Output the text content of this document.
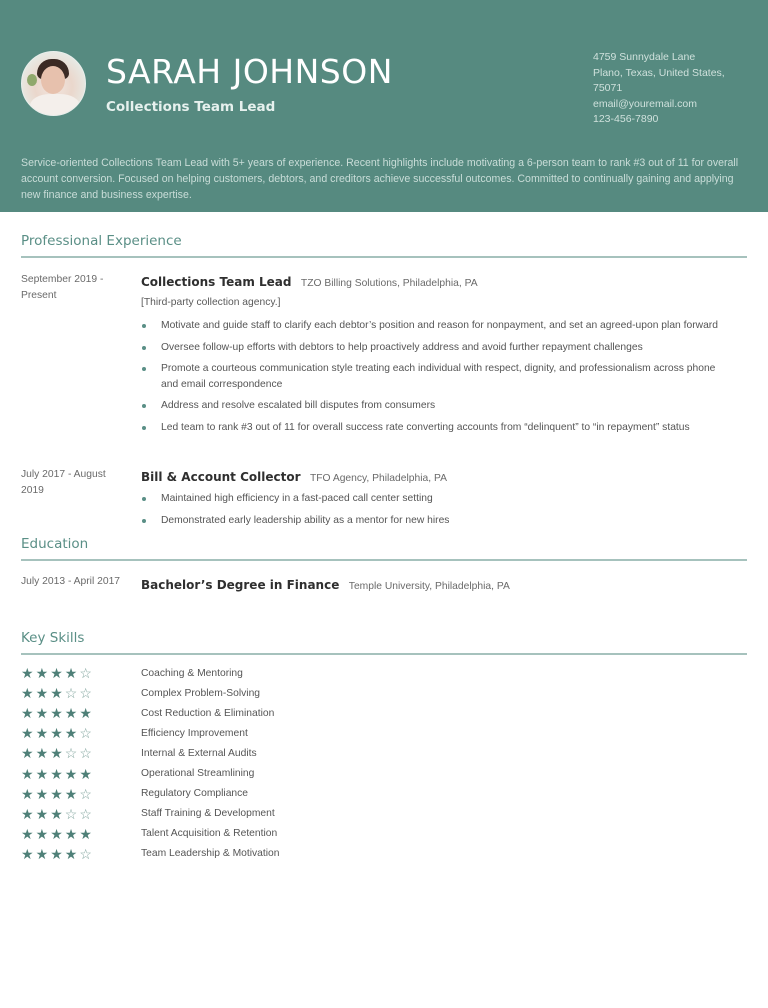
SARAH JOHNSON
Collections Team Lead
4759 Sunnydale Lane
Plano, Texas, United States,
75071
email@youremail.com
123-456-7890
Service-oriented Collections Team Lead with 5+ years of experience. Recent highlights include motivating a 6-person team to rank #3 out of 11 for overall account conversion. Focused on helping customers, debtors, and creditors achieve successful outcomes. Committed to continually gaining and applying new finance and business expertise.
Professional Experience
September 2019 - Present
Collections Team Lead TZO Billing Solutions, Philadelphia, PA
[Third-party collection agency.]
Motivate and guide staff to clarify each debtor’s position and reason for nonpayment, and set an agreed-upon plan forward
Oversee follow-up efforts with debtors to help proactively address and avoid further repayment challenges
Promote a courteous communication style treating each individual with respect, dignity, and professionalism across phone and email correspondence
Address and resolve escalated bill disputes from consumers
Led team to rank #3 out of 11 for overall success rate converting accounts from “delinquent” to “in repayment” status
July 2017 - August 2019
Bill & Account Collector TFO Agency, Philadelphia, PA
Maintained high efficiency in a fast-paced call center setting
Demonstrated early leadership ability as a mentor for new hires
Education
July 2013 - April 2017	Bachelor’s Degree in Finance Temple University, Philadelphia, PA
Key Skills
★ ★ ★ ★ ☆	Coaching & Mentoring
★ ★ ★ ☆ ☆	Complex Problem-Solving
★ ★ ★ ★ ★	Cost Reduction & Elimination
★ ★ ★ ★ ☆	Efficiency Improvement
★ ★ ★ ☆ ☆	Internal & External Audits
★ ★ ★ ★ ★	Operational Streamlining
★ ★ ★ ★ ☆	Regulatory Compliance
★ ★ ★ ☆ ☆	Staff Training & Development
★ ★ ★ ★ ★	Talent Acquisition & Retention
★ ★ ★ ★ ☆	Team Leadership & Motivation
